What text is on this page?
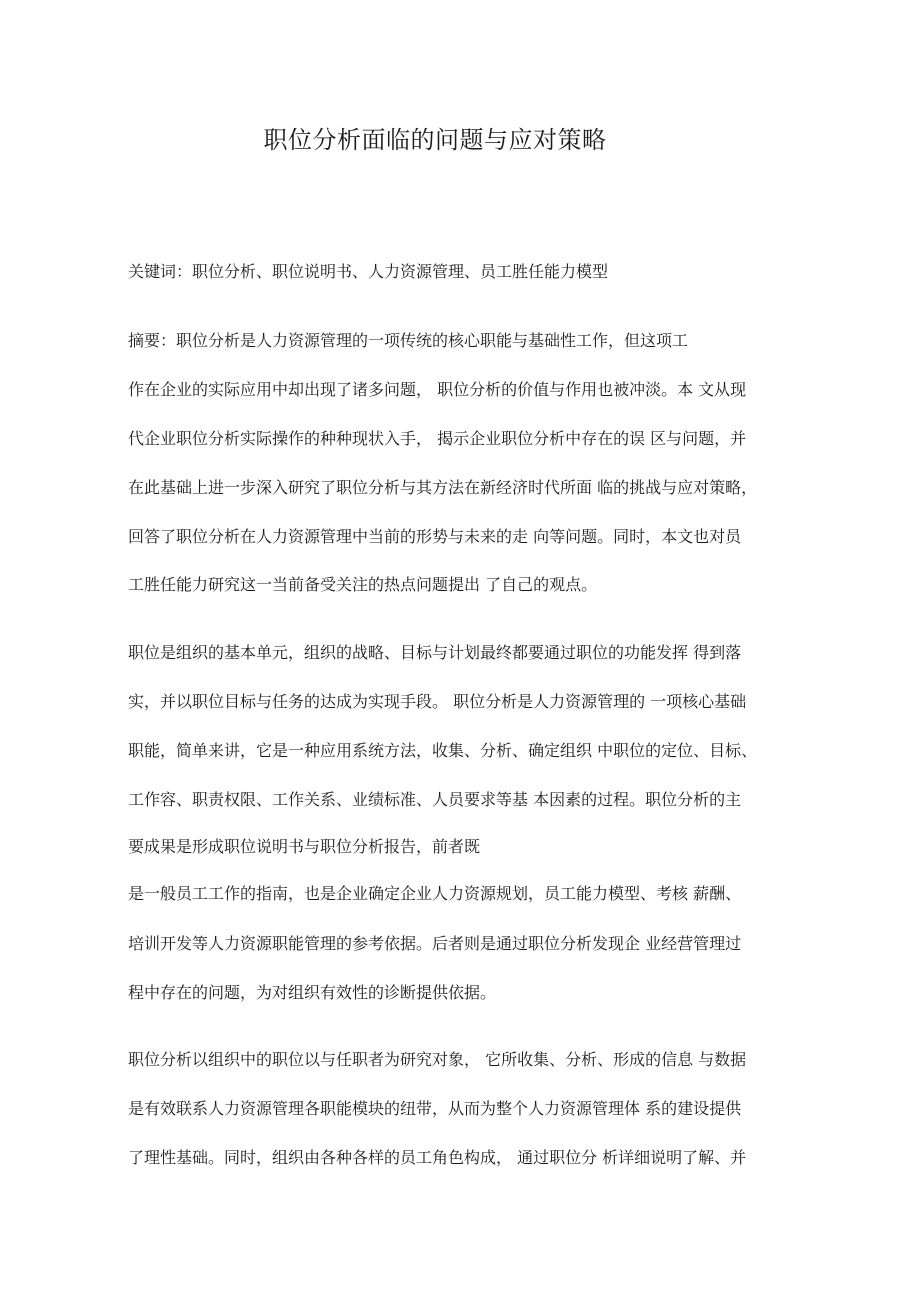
职位分析面临的问题与应对策略
关键词：职位分析、职位说明书、人力资源管理、员工胜任能力模型
摘要：职位分析是人力资源管理的一项传统的核心职能与基础性工作，但这项工
作在企业的实际应用中却出现了诸多问题， 职位分析的价值与作用也被冲淡。本 文从现
代企业职位分析实际操作的种种现状入手， 揭示企业职位分析中存在的误 区与问题，并
在此基础上进一步深入研究了职位分析与其方法在新经济时代所面 临的挑战与应对策略，
回答了职位分析在人力资源管理中当前的形势与未来的走 向等问题。同时，本文也对员
工胜任能力研究这一当前备受关注的热点问题提出 了自己的观点。
职位是组织的基本单元，组织的战略、目标与计划最终都要通过职位的功能发挥 得到落
实，并以职位目标与任务的达成为实现手段。 职位分析是人力资源管理的 一项核心基础
职能，简单来讲，它是一种应用系统方法，收集、分析、确定组织 中职位的定位、目标、
工作容、职责权限、工作关系、业绩标准、人员要求等基 本因素的过程。职位分析的主
要成果是形成职位说明书与职位分析报告，前者既
是一般员工工作的指南，也是企业确定企业人力资源规划，员工能力模型、考核 薪酬、
培训开发等人力资源职能管理的参考依据。后者则是通过职位分析发现企 业经营管理过
程中存在的问题，为对组织有效性的诊断提供依据。
职位分析以组织中的职位以与任职者为研究对象， 它所收集、分析、形成的信息 与数据
是有效联系人力资源管理各职能模块的纽带，从而为整个人力资源管理体 系的建设提供
了理性基础。同时，组织由各种各样的员工角色构成， 通过职位分 析详细说明了解、并
